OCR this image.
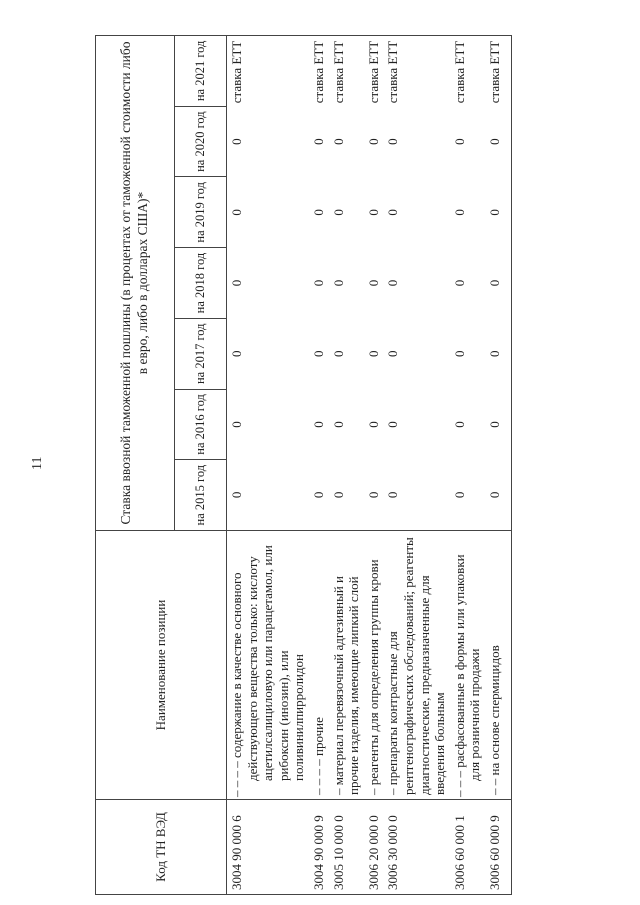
11
Код ТН ВЭД	Наименование позиции	Ставка ввозной таможенной пошлины (в процентах от таможенной стоимости либо в евро, либо в долларах США)*						
		на 2015 год	на 2016 год	на 2017 год	на 2018 год	на 2019 год	на 2020 год	на 2021 год
3004 90 000 6	– – – – содержание в качестве основного действующего вещества только: кислоту ацетилсалициловую или парацетамол, или рибоксин (инозин), или поливинилпирролидон	0	0	0	0	0	0	ставка ЕТТ
3004 90 000 9	– – – – прочие	0	0	0	0	0	0	ставка ЕТТ
3005 10 000 0	– материал перевязочный адгезивный и прочие изделия, имеющие липкий слой	0	0	0	0	0	0	ставка ЕТТ
3006 20 000 0	– реагенты для определения группы крови	0	0	0	0	0	0	ставка ЕТТ
3006 30 000 0	– препараты контрастные для рентгенографических обследований; реагенты диагностические, предназначенные для введения больным	0	0	0	0	0	0	ставка ЕТТ
3006 60 000 1	– – – расфасованные в формы или упаковки для розничной продажи	0	0	0	0	0	0	ставка ЕТТ
3006 60 000 9	– – на основе спермицидов	0	0	0	0	0	0	ставка ЕТТ
